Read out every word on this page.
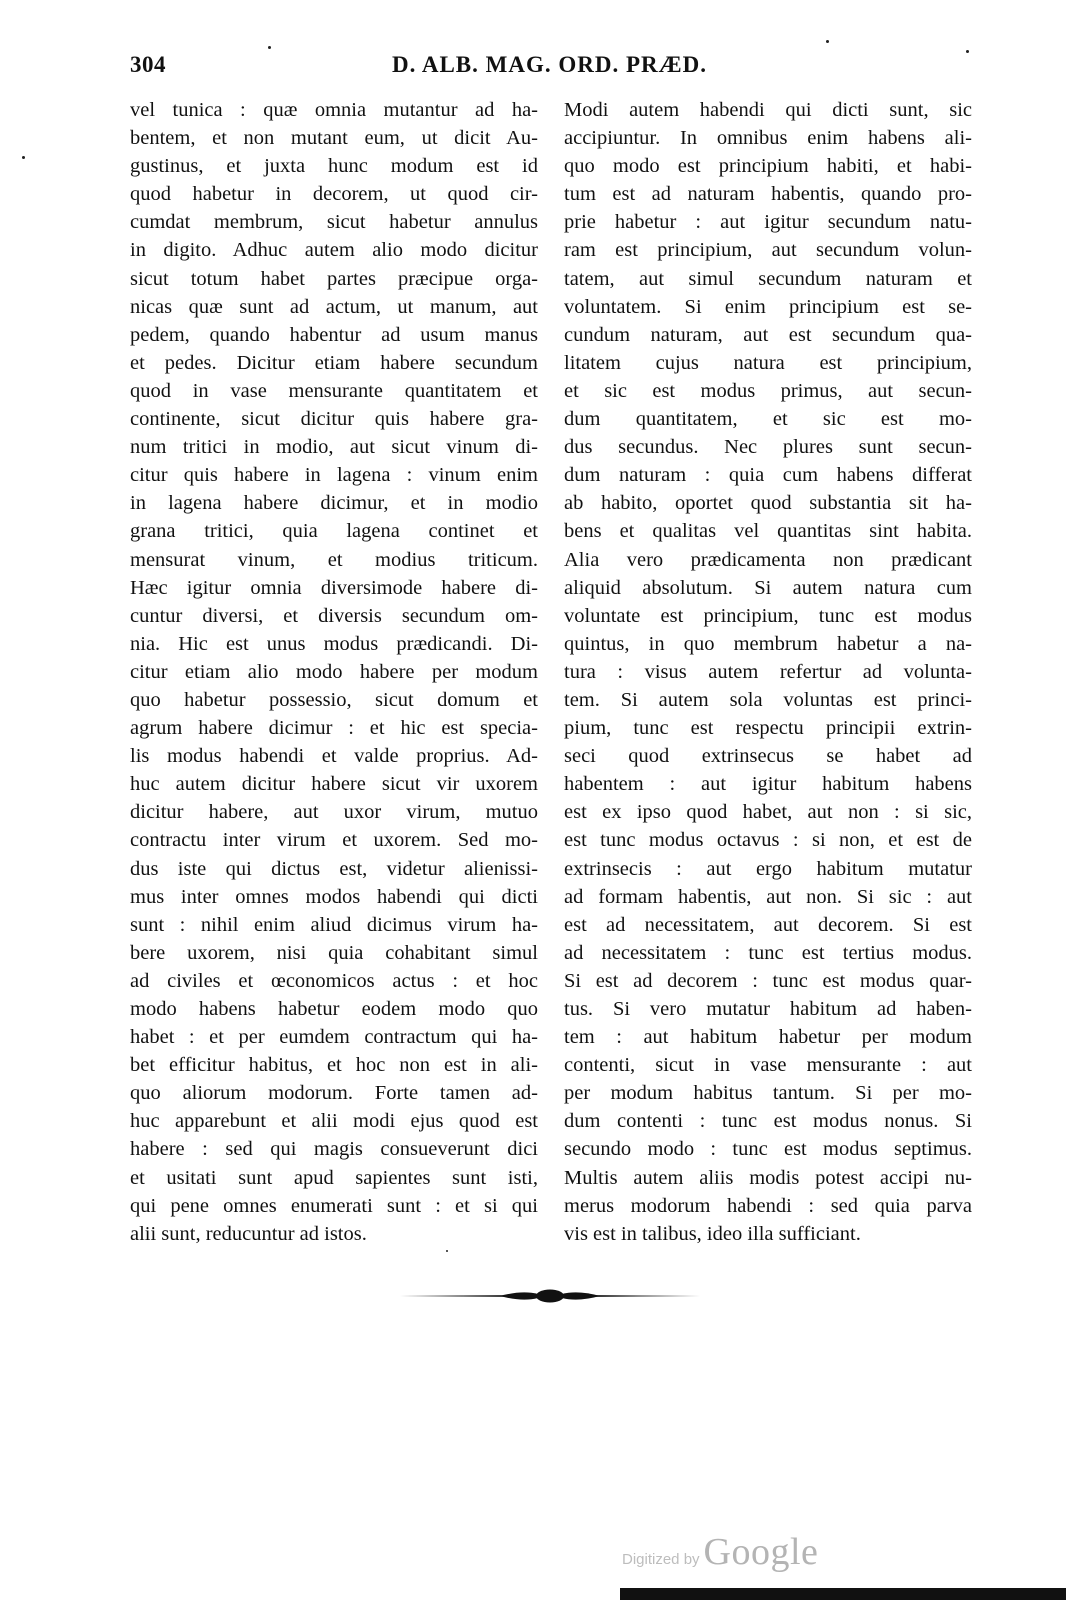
304	D. ALB. MAG. ORD. PRÆD.
vel tunica : quæ omnia mutantur ad ha-
bentem, et non mutant eum, ut dicit Au-
gustinus, et juxta hunc modum est id
quod habetur in decorem, ut quod cir-
cumdat membrum, sicut habetur annulus
in digito. Adhuc autem alio modo dicitur
sicut totum habet partes præcipue orga-
nicas quæ sunt ad actum, ut manum, aut
pedem, quando habentur ad usum manus
et pedes. Dicitur etiam habere secundum
quod in vase mensurante quantitatem et
continente, sicut dicitur quis habere gra-
num tritici in modio, aut sicut vinum di-
citur quis habere in lagena : vinum enim
in lagena habere dicimur, et in modio
grana tritici, quia lagena continet et
mensurat vinum, et modius triticum.
Hæc igitur omnia diversimode habere di-
cuntur diversi, et diversis secundum om-
nia. Hic est unus modus prædicandi. Di-
citur etiam alio modo habere per modum
quo habetur possessio, sicut domum et
agrum habere dicimur : et hic est specia-
lis modus habendi et valde proprius. Ad-
huc autem dicitur habere sicut vir uxorem
dicitur habere, aut uxor virum, mutuo
contractu inter virum et uxorem. Sed mo-
dus iste qui dictus est, videtur alienissi-
mus inter omnes modos habendi qui dicti
sunt : nihil enim aliud dicimus virum ha-
bere uxorem, nisi quia cohabitant simul
ad civiles et œconomicos actus : et hoc
modo habens habetur eodem modo quo
habet : et per eumdem contractum qui ha-
bet efficitur habitus, et hoc non est in ali-
quo aliorum modorum. Forte tamen ad-
huc apparebunt et alii modi ejus quod est
habere : sed qui magis consueverunt dici
et usitati sunt apud sapientes sunt isti,
qui pene omnes enumerati sunt : et si qui
alii sunt, reducuntur ad istos.
Modi autem habendi qui dicti sunt, sic
accipiuntur. In omnibus enim habens ali-
quo modo est principium habiti, et habi-
tum est ad naturam habentis, quando pro-
prie habetur : aut igitur secundum natu-
ram est principium, aut secundum volun-
tatem, aut simul secundum naturam et
voluntatem. Si enim principium est se-
cundum naturam, aut est secundum qua-
litatem cujus natura est principium,
et sic est modus primus, aut secun-
dum quantitatem, et sic est mo-
dus secundus. Nec plures sunt secun-
dum naturam : quia cum habens differat
ab habito, oportet quod substantia sit ha-
bens et qualitas vel quantitas sint habita.
Alia vero prædicamenta non prædicant
aliquid absolutum. Si autem natura cum
voluntate est principium, tunc est modus
quintus, in quo membrum habetur a na-
tura : visus autem refertur ad volunta-
tem. Si autem sola voluntas est princi-
pium, tunc est respectu principii extrin-
seci quod extrinsecus se habet ad
habentem : aut igitur habitum habens
est ex ipso quod habet, aut non : si sic,
est tunc modus octavus : si non, et est de
extrinsecis : aut ergo habitum mutatur
ad formam habentis, aut non. Si sic : aut
est ad necessitatem, aut decorem. Si est
ad necessitatem : tunc est tertius modus.
Si est ad decorem : tunc est modus quar-
tus. Si vero mutatur habitum ad haben-
tem : aut habitum habetur per modum
contenti, sicut in vase mensurante : aut
per modum habitus tantum. Si per mo-
dum contenti : tunc est modus nonus. Si
secundo modo : tunc est modus septimus.
Multis autem aliis modis potest accipi nu-
merus modorum habendi : sed quia parva
vis est in talibus, ideo illa sufficiant.
Digitized by Google
